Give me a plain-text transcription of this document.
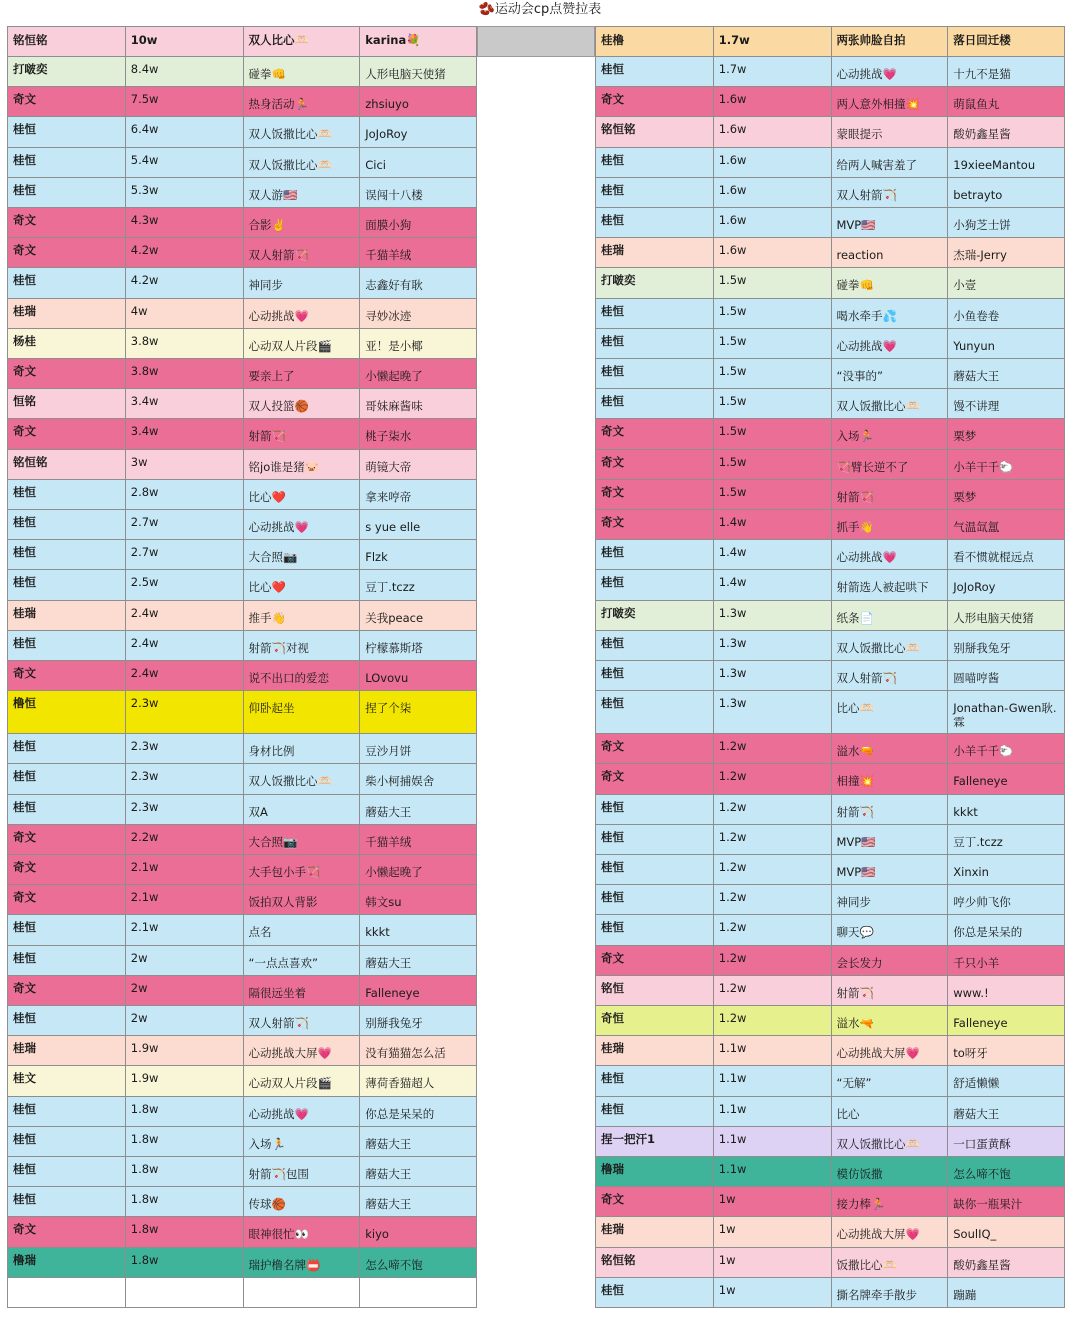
🫘运动会cp点赞拉表
铭恒铭	10w	双人比心🫶🏻	karina💐
打啵奕	8.4w	碰拳👊	人形电脑天使猪
奇文	7.5w	热身活动🏃	zhsiuyo
桂恒	6.4w	双人饭撒比心🫶🏻	JoJoRoy
桂恒	5.4w	双人饭撒比心🫶🏻	Cici
桂恒	5.3w	双人游🇺🇸	误闯十八楼
奇文	4.3w	合影✌️	面膜小狗
奇文	4.2w	双人射箭🏹	千猫羊绒
桂恒	4.2w	神同步	志鑫好有耿
桂瑞	4w	心动挑战💗	寻妙冰迹
杨桂	3.8w	心动双人片段🎬	亚！是小椰
奇文	3.8w	要亲上了	小懒起晚了
恒铭	3.4w	双人投篮🏀	哥妹麻酱味
奇文	3.4w	射箭🏹	桃子柒水
铭恒铭	3w	铭jo谁是猪🐷	萌镜大帝
桂恒	2.8w	比心❤️	拿来哼帝
桂恒	2.7w	心动挑战💗	s yue elle
桂恒	2.7w	大合照📷	Flzk
桂恒	2.5w	比心❤️	豆丁.tczz
桂瑞	2.4w	推手👋	关我peace
桂恒	2.4w	射箭🏹对视	柠檬慕斯塔
奇文	2.4w	说不出口的爱恋	LOvovu
橹恒	2.3w	仰卧起坐	捏了个柒
桂恒	2.3w	身材比例	豆沙月饼
桂恒	2.3w	双人饭撒比心🫶🏻	柴小柯捕娱舍
桂恒	2.3w	双A	蘑菇大王
奇文	2.2w	大合照📷	千猫羊绒
奇文	2.1w	大手包小手🏹	小懒起晚了
奇文	2.1w	饭拍双人背影	韩文su
桂恒	2.1w	点名	kkkt
桂恒	2w	“一点点喜欢”	蘑菇大王
奇文	2w	隔很远坐着	Falleneye
桂恒	2w	双人射箭🏹	别掰我兔牙
桂瑞	1.9w	心动挑战大屏💗	没有猫猫怎么活
桂文	1.9w	心动双人片段🎬	薄荷香猫超人
桂恒	1.8w	心动挑战💗	你总是呆呆的
桂恒	1.8w	入场🏃	蘑菇大王
桂恒	1.8w	射箭🏹包围	蘑菇大王
桂恒	1.8w	传球🏀	蘑菇大王
奇文	1.8w	眼神很忙👀	kiyo
橹瑞	1.8w	瑞护橹名牌📛	怎么啼不饱
桂橹	1.7w	两张帅脸自拍	落日回迁楼
桂恒	1.7w	心动挑战💗	十九不是猫
奇文	1.6w	两人意外相撞💥	萌鼠鱼丸
铭恒铭	1.6w	蒙眼提示	酸奶鑫星酱
桂恒	1.6w	给两人喊害羞了	19xieeMantou
桂恒	1.6w	双人射箭🏹	betrayto
桂恒	1.6w	MVP🇺🇸	小狗芝士饼
桂瑞	1.6w	reaction	杰瑞-Jerry
打啵奕	1.5w	碰拳👊	小壹
桂恒	1.5w	喝水牵手💦	小鱼卷卷
桂恒	1.5w	心动挑战💗	Yunyun
桂恒	1.5w	“没事的”	蘑菇大王
桂恒	1.5w	双人饭撒比心🫶🏻	馒不讲理
奇文	1.5w	入场🏃	栗梦
奇文	1.5w	🏹臂长逆不了	小羊干千🐑
奇文	1.5w	射箭🏹	栗梦
奇文	1.4w	抓手👋	气温氙氲
桂恒	1.4w	心动挑战💗	看不惯就棍远点
桂恒	1.4w	射箭选人被起哄下	JoJoRoy
打啵奕	1.3w	纸条📄	人形电脑天使猪
桂恒	1.3w	双人饭撒比心🫶🏻	别掰我兔牙
桂恒	1.3w	双人射箭🏹	圆喵哼酱
桂恒	1.3w	比心🫶🏻	Jonathan-Gwen耿.霖
奇文	1.2w	溢水🔫	小羊千千🐑
奇文	1.2w	相撞💥	Falleneye
桂恒	1.2w	射箭🏹	kkkt
桂恒	1.2w	MVP🇺🇸	豆丁.tczz
桂恒	1.2w	MVP🇺🇸	Xinxin
桂恒	1.2w	神同步	哼少帅飞你
桂恒	1.2w	聊天💬	你总是呆呆的
奇文	1.2w	会长发力	千只小羊
铭恒	1.2w	射箭🏹	www.!
奇恒	1.2w	溢水🔫	Falleneye
桂瑞	1.1w	心动挑战大屏💗	to呀牙
桂恒	1.1w	“无解”	舒适懒懒
桂恒	1.1w	比心	蘑菇大王
捏一把汗1	1.1w	双人饭撒比心🫶🏻	一口蛋黄酥
橹瑞	1.1w	模仿饭撒	怎么啼不饱
奇文	1w	接力棒🏃	缺你一瓶果汁
桂瑞	1w	心动挑战大屏💗	SoulIQ_
铭恒铭	1w	饭撒比心🫶🏻	酸奶鑫星酱
桂恒	1w	撕名牌牵手散步	蹦蹦
